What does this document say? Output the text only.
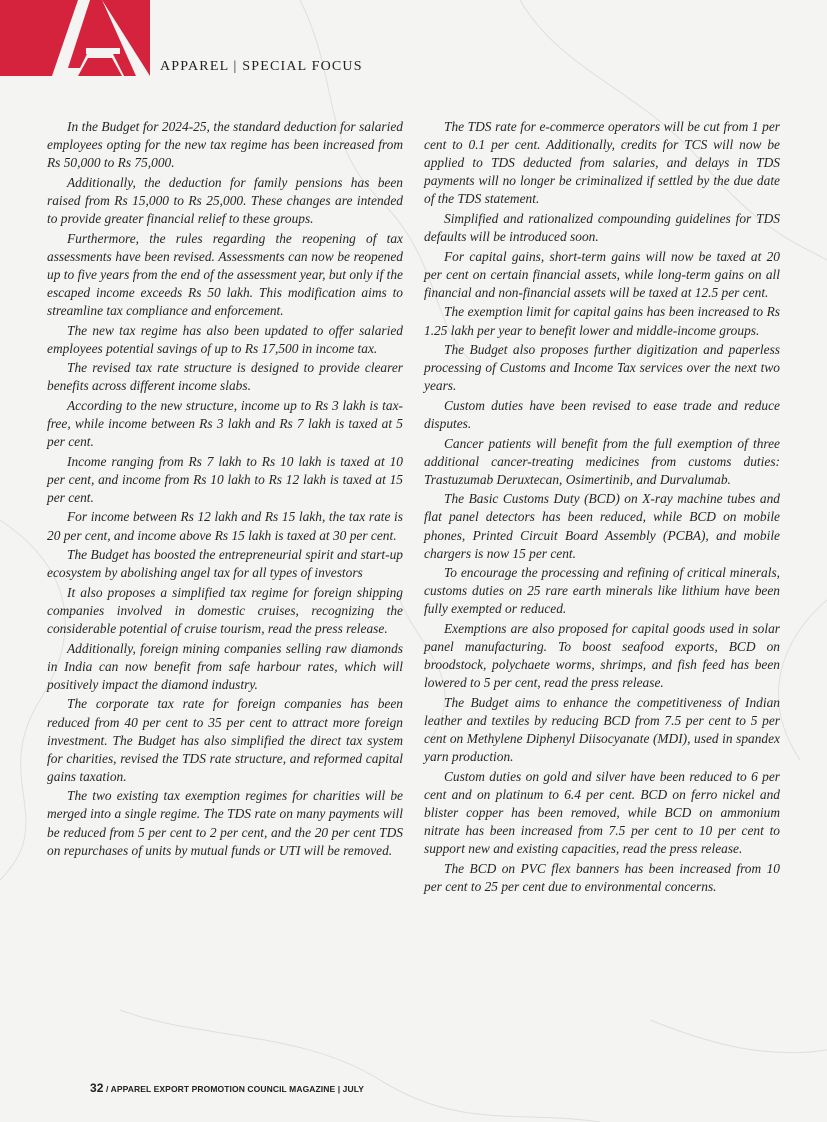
APPAREL | SPECIAL FOCUS

In the Budget for 2024-25, the standard deduction for salaried employees opting for the new tax regime has been increased from Rs 50,000 to Rs 75,000.

Additionally, the deduction for family pensions has been raised from Rs 15,000 to Rs 25,000. These changes are intended to provide greater financial relief to these groups.

Furthermore, the rules regarding the reopening of tax assessments have been revised. Assessments can now be reopened up to five years from the end of the assessment year, but only if the escaped income exceeds Rs 50 lakh. This modification aims to streamline tax compliance and enforcement.

The new tax regime has also been updated to offer salaried employees potential savings of up to Rs 17,500 in income tax.

The revised tax rate structure is designed to provide clearer benefits across different income slabs.

According to the new structure, income up to Rs 3 lakh is tax-free, while income between Rs 3 lakh and Rs 7 lakh is taxed at 5 per cent.

Income ranging from Rs 7 lakh to Rs 10 lakh is taxed at 10 per cent, and income from Rs 10 lakh to Rs 12 lakh is taxed at 15 per cent.

For income between Rs 12 lakh and Rs 15 lakh, the tax rate is 20 per cent, and income above Rs 15 lakh is taxed at 30 per cent.

The Budget has boosted the entrepreneurial spirit and start-up ecosystem by abolishing angel tax for all types of investors

It also proposes a simplified tax regime for foreign shipping companies involved in domestic cruises, recognizing the considerable potential of cruise tourism, read the press release.

Additionally, foreign mining companies selling raw diamonds in India can now benefit from safe harbour rates, which will positively impact the diamond industry.

The corporate tax rate for foreign companies has been reduced from 40 per cent to 35 per cent to attract more foreign investment. The Budget has also simplified the direct tax system for charities, revised the TDS rate structure, and reformed capital gains taxation.

The two existing tax exemption regimes for charities will be merged into a single regime. The TDS rate on many payments will be reduced from 5 per cent to 2 per cent, and the 20 per cent TDS on repurchases of units by mutual funds or UTI will be removed.

The TDS rate for e-commerce operators will be cut from 1 per cent to 0.1 per cent. Additionally, credits for TCS will now be applied to TDS deducted from salaries, and delays in TDS payments will no longer be criminalized if settled by the due date of the TDS statement.

Simplified and rationalized compounding guidelines for TDS defaults will be introduced soon.

For capital gains, short-term gains will now be taxed at 20 per cent on certain financial assets, while long-term gains on all financial and non-financial assets will be taxed at 12.5 per cent.

The exemption limit for capital gains has been increased to Rs 1.25 lakh per year to benefit lower and middle-income groups.

The Budget also proposes further digitization and paperless processing of Customs and Income Tax services over the next two years.

Custom duties have been revised to ease trade and reduce disputes.

Cancer patients will benefit from the full exemption of three additional cancer-treating medicines from customs duties: Trastuzumab Deruxtecan, Osimertinib, and Durvalumab.

The Basic Customs Duty (BCD) on X-ray machine tubes and flat panel detectors has been reduced, while BCD on mobile phones, Printed Circuit Board Assembly (PCBA), and mobile chargers is now 15 per cent.

To encourage the processing and refining of critical minerals, customs duties on 25 rare earth minerals like lithium have been fully exempted or reduced.

Exemptions are also proposed for capital goods used in solar panel manufacturing. To boost seafood exports, BCD on broodstock, polychaete worms, shrimps, and fish feed has been lowered to 5 per cent, read the press release.

The Budget aims to enhance the competitiveness of Indian leather and textiles by reducing BCD from 7.5 per cent to 5 per cent on Methylene Diphenyl Diisocyanate (MDI), used in spandex yarn production.

Custom duties on gold and silver have been reduced to 6 per cent and on platinum to 6.4 per cent. BCD on ferro nickel and blister copper has been removed, while BCD on ammonium nitrate has been increased from 7.5 per cent to 10 per cent to support new and existing capacities, read the press release.

The BCD on PVC flex banners has been increased from 10 per cent to 25 per cent due to environmental concerns.

32 / APPAREL EXPORT PROMOTION COUNCIL MAGAZINE | JULY
